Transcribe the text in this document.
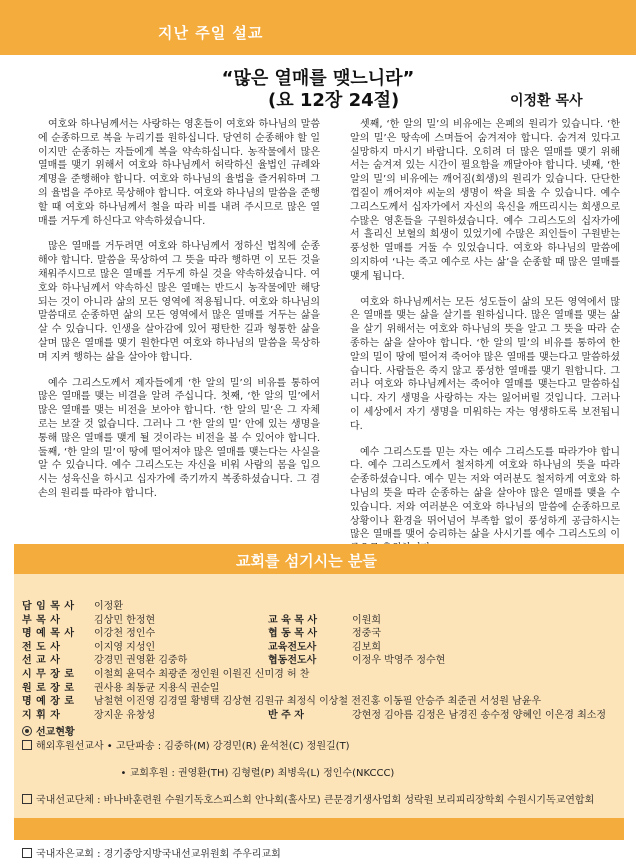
지난 주일 설교
“많은 열매를 맺느니라”
(요 12장 24절)	이정환 목사

여호와 하나님께서는 사랑하는 영혼들이 여호와 하나님의 말씀에 순종하므로 복을 누리기를 원하십니다. 당연히 순종해야 할 일이지만 순종하는 자들에게 복을 약속하십니다. 농작물에서 많은 열매를 맺기 위해서 여호와 하나님께서 허락하신 율법인 규례와 계명을 준행해야 합니다. 여호와 하나님의 율법을 즐거워하며 그의 율법을 주야로 묵상해야 합니다. 여호와 하나님의 말씀을 준행할 때 여호와 하나님께서 철을 따라 비를 내려 주시므로 많은 열매를 거두게 하신다고 약속하셨습니다.

많은 열매를 거두려면 여호와 하나님께서 정하신 법칙에 순종해야 합니다. 말씀을 묵상하여 그 뜻을 따라 행하면 이 모든 것을 채워주시므로 많은 열매를 거두게 하실 것을 약속하셨습니다. 여호와 하나님께서 약속하신 많은 열매는 반드시 농작물에만 해당되는 것이 아니라 삶의 모든 영역에 적용됩니다. 여호와 하나님의 말씀대로 순종하면 삶의 모든 영역에서 많은 열매를 거두는 삶을 살 수 있습니다. 인생을 살아감에 있어 평탄한 길과 형통한 삶을 살며 많은 열매를 맺기 원한다면 여호와 하나님의 말씀을 묵상하며 지켜 행하는 삶을 살아야 합니다.

예수 그리스도께서 제자들에게 ‘한 알의 밀’의 비유를 통하여 많은 열매를 맺는 비결을 알려 주십니다. 첫째, ‘한 알의 밀’에서 많은 열매를 맺는 비전을 보아야 합니다. ‘한 알의 밀’은 그 자체로는 보잘 것 없습니다. 그러나 그 ‘한 알의 밀’ 안에 있는 생명을 통해 많은 열매를 맺게 될 것이라는 비전을 볼 수 있어야 합니다. 둘째, ‘한 알의 밀’이 땅에 떨어져야 많은 열매를 맺는다는 사실을 알 수 있습니다. 예수 그리스도는 자신을 비워 사람의 몸을 입으시는 성육신을 하시고 십자가에 죽기까지 복종하셨습니다. 그 겸손의 원리를 따라야 합니다.

셋째, ‘한 알의 밀’의 비유에는 은폐의 원리가 있습니다. ‘한 알의 밀’은 땅속에 스며들어 숨겨져야 합니다. 숨겨져 있다고 실망하지 마시기 바랍니다. 오히려 더 많은 열매를 맺기 위해서는 숨겨져 있는 시간이 필요함을 깨달아야 합니다. 넷째, ‘한 알의 밀’의 비유에는 깨어짐(회생)의 원리가 있습니다. 단단한 껍질이 깨어져야 씨눈의 생명이 싹을 틔울 수 있습니다. 예수 그리스도께서 십자가에서 자신의 육신을 깨뜨리시는 희생으로 수많은 영혼들을 구원하셨습니다. 예수 그리스도의 십자가에서 흘리신 보혈의 희생이 있었기에 수많은 죄인들이 구원받는 풍성한 열매를 거둘 수 있었습니다. 여호와 하나님의 말씀에 의지하여 ‘나는 죽고 예수로 사는 삶’을 순종할 때 많은 열매를 맺게 됩니다.

여호와 하나님께서는 모든 성도들이 삶의 모든 영역에서 많은 열매를 맺는 삶을 살기를 원하십니다. 많은 열매를 맺는 삶을 살기 위해서는 여호와 하나님의 뜻을 알고 그 뜻을 따라 순종하는 삶을 살아야 합니다. ‘한 알의 밀’의 비유를 통하여 한 알의 밀이 땅에 떨어져 죽어야 많은 열매를 맺는다고 말씀하셨습니다. 사람들은 죽지 않고 풍성한 열매를 맺기 원합니다. 그러나 여호와 하나님께서는 죽어야 열매를 맺는다고 말씀하십니다. 자기 생명을 사랑하는 자는 잃어버릴 것입니다. 그러나 이 세상에서 자기 생명을 미워하는 자는 영생하도록 보전됩니다.

예수 그리스도를 믿는 자는 예수 그리스도를 따라가야 합니다. 예수 그리스도께서 철저하게 여호와 하나님의 뜻을 따라 순종하셨습니다. 예수 믿는 저와 여러분도 철저하게 여호와 하나님의 뜻을 따라 순종하는 삶을 살아야 많은 열매를 맺을 수 있습니다. 저와 여러분은 여호와 하나님의 말씀에 순종하므로 상황이나 환경을 뛰어넘어 부족함 없이 풍성하게 공급하시는 많은 열매를 맺어 승리하는 삶을 사시기를 예수 그리스도의 이

교회를 섬기시는 분들
담 임 목 사	이정환
부 목 사	김상민 한정현	교 육 목 사	이원희
명 예 목 사	이강천 정인수	협 동 목 사	정중국
전 도 사	이지영 지성인	교육전도사	김보희
선 교 사	강경민 권영환 김중하	협동전도사	이정우 박영주 정수현
시 무 장 로	이철희 윤덕수 최광준 정인원 이원진 신미경 허 찬
원 로 장 로	권사용 최동균 지용식 권순일
명 예 장 로	남철현 이진영 김경열 황병택 김상현 김원규 최정식 이상철 전진홍 이동필 안승주 최준권 서성원 남윤우
지 휘 자	장지운 유창성	반 주 자	강현정 김아름 김정은 남경진 송수정 양혜인 이은경 최소정
선교현황
해외후원선교사 • 고단파송 : 김중하(M) 강경민(R) 윤석천(C) 정원길(T)

• 교회후원 : 권영환(TH) 김형렬(P) 최병욱(L) 정인수(NKCCC)

국내선교단체 : 바나바훈련원 수원기독호스피스회 안나회(홀사모) 큰문경기생사업회 성락원 보리피리장학회 수원시기독교연합회

국내자은교회 : 경기중앙지방국내선교위원회 주우리교회
